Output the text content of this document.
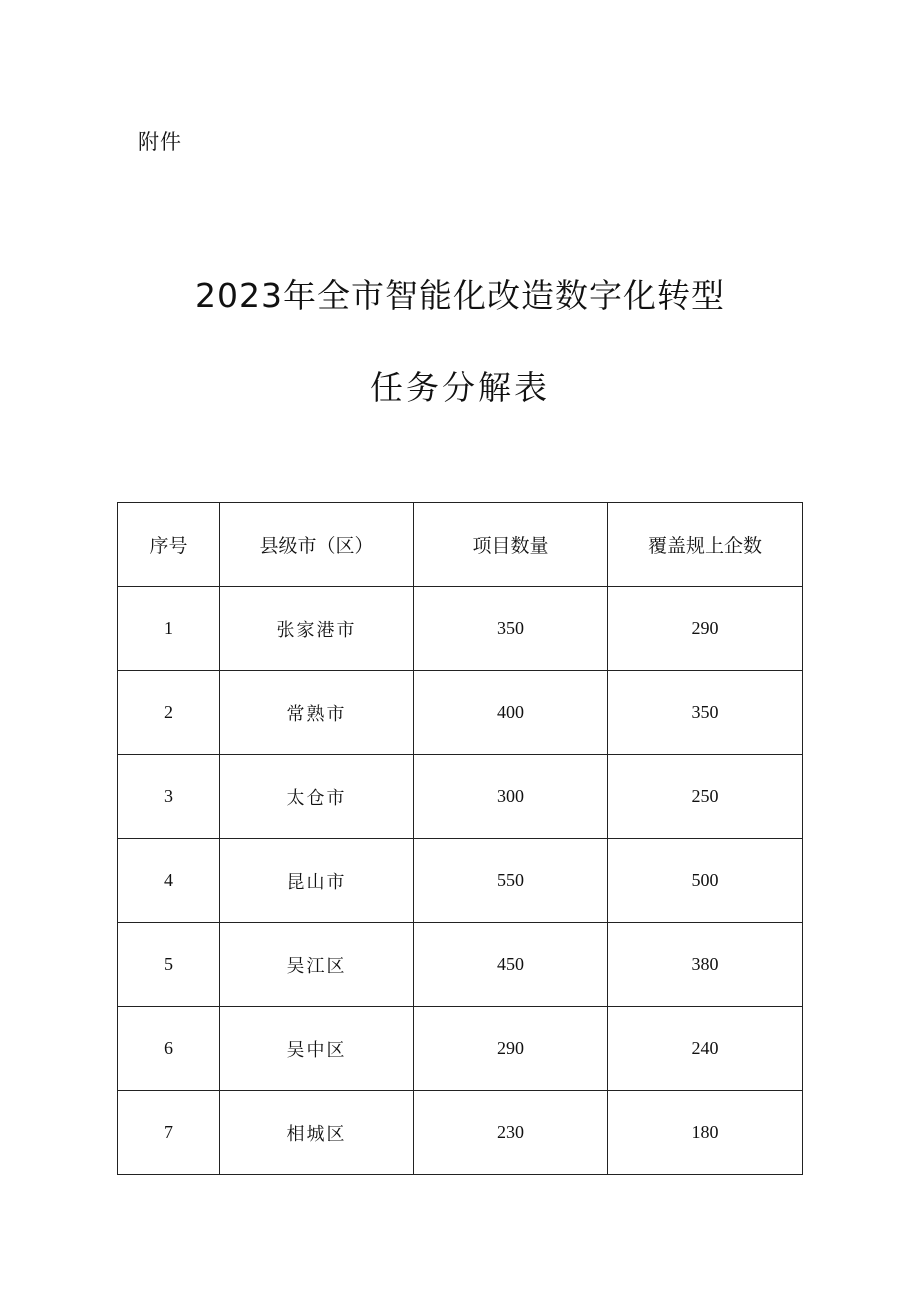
附件
2023年全市智能化改造数字化转型
任务分解表
序号	县级市（区）	项目数量	覆盖规上企数
1	张家港市	350	290
2	常熟市	400	350
3	太仓市	300	250
4	昆山市	550	500
5	吴江区	450	380
6	吴中区	290	240
7	相城区	230	180
